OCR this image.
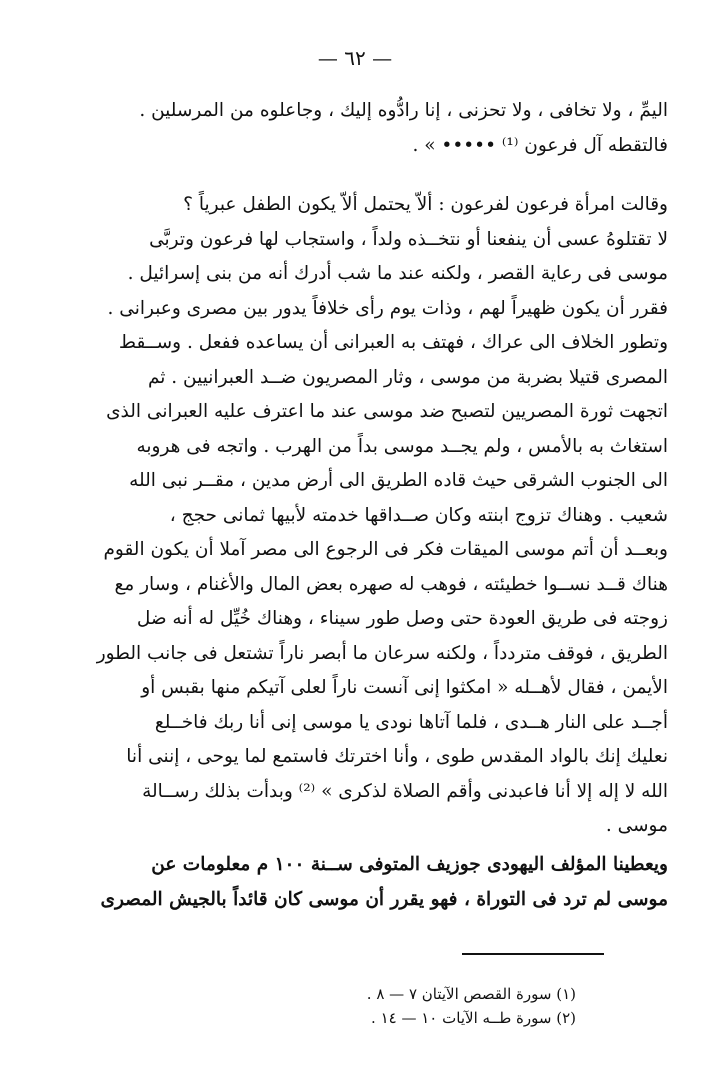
— ٦٢ —
اليمِّ ، ولا تخافى ، ولا تحزنى ، إنا رادُّوه إليك ، وجاعلوه من المرسلين .
فالتقطه آل فرعون ⁽¹⁾ ••••• » .
وقالت امرأة فرعون لفرعون : ألاّ يحتمل ألاّ يكون الطفل عبرياً ؟
لا تقتلوهُ عسى أن ينفعنا أو نتخــذه ولداً ، واستجاب لها فرعون وتربَّى
موسى فى رعاية القصر ، ولكنه عند ما شب أدرك أنه من بنى إسرائيل .
فقرر أن يكون ظهيراً لهم ، وذات يوم رأى خلافاً يدور بين مصرى وعبرانى .
وتطور الخلاف الى عراك ، فهتف به العبرانى أن يساعده ففعل . وســقط
المصرى قتيلا بضربة من موسى ، وثار المصريون ضــد العبرانيين . ثم
اتجهت ثورة المصريين لتصبح ضد موسى عند ما اعترف عليه العبرانى الذى
استغاث به بالأمس ، ولم يجــد موسى بداً من الهرب . واتجه فى هروبه
الى الجنوب الشرقى حيث قاده الطريق الى أرض مدين ، مقــر نبى الله
شعيب . وهناك تزوج ابنته وكان صــداقها خدمته لأبيها ثمانى حجج ،
وبعــد أن أتم موسى الميقات فكر فى الرجوع الى مصر آملا أن يكون القوم
هناك قــد نســوا خطيئته ، فوهب له صهره بعض المال والأغنام ، وسار مع
زوجته فى طريق العودة حتى وصل طور سيناء ، وهناك خُيِّل له أنه ضل
الطريق ، فوقف متردداً ، ولكنه سرعان ما أبصر ناراً تشتعل فى جانب الطور
الأيمن ، فقال لأهــله « امكثوا إنى آنست ناراً لعلى آتيكم منها بقبس أو
أجــد على النار هــدى ، فلما آتاها نودى يا موسى إنى أنا ربك فاخــلع
نعليك إنك بالواد المقدس طوى ، وأنا اخترتك فاستمع لما يوحى ، إننى أنا
الله لا إله إلا أنا فاعبدنى وأقم الصلاة لذكرى » ⁽²⁾ وبدأت بذلك رســالة
موسى .
ويعطينا المؤلف اليهودى جوزيف المتوفى ســنة ١٠٠ م معلومات عن
موسى لم ترد فى التوراة ، فهو يقرر أن موسى كان قائداً بالجيش المصرى
(١) سورة القصص الآيتان ٧ — ٨ .
(٢) سورة طــه الآيات ١٠ — ١٤ .
